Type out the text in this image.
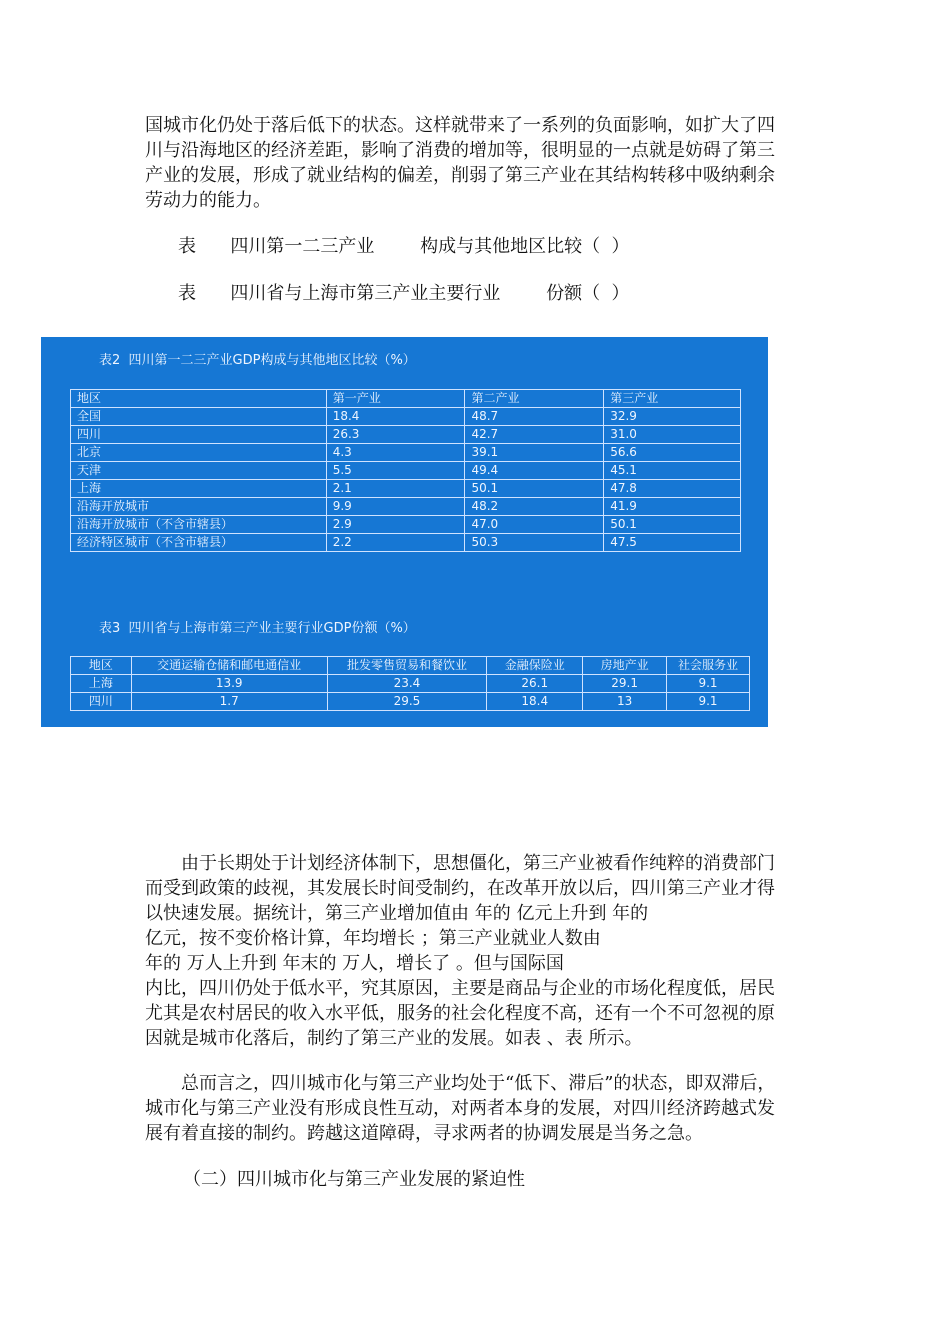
国城市化仍处于落后低下的状态。这样就带来了一系列的负面影响，如扩大了四
川与沿海地区的经济差距，影响了消费的增加等，很明显的一点就是妨碍了第三
产业的发展，形成了就业结构的偏差，削弱了第三产业在其结构转移中吸纳剩余
劳动力的能力。
表      四川第一二三产业        构成与其他地区比较（  ）
表      四川省与上海市第三产业主要行业        份额（  ）
表2  四川第一二三产业GDP构成与其他地区比较（%）
地区	第一产业	第二产业	第三产业
全国	18.4	48.7	32.9
四川	26.3	42.7	31.0
北京	4.3	39.1	56.6
天津	5.5	49.4	45.1
上海	2.1	50.1	47.8
沿海开放城市	9.9	48.2	41.9
沿海开放城市（不含市辖县）	2.9	47.0	50.1
经济特区城市（不含市辖县）	2.2	50.3	47.5
表3  四川省与上海市第三产业主要行业GDP份额（%）
地区	交通运输仓储和邮电通信业	批发零售贸易和餐饮业	金融保险业	房地产业	社会服务业
上海	13.9	23.4	26.1	29.1	9.1
四川	1.7	29.5	18.4	13	9.1
由于长期处于计划经济体制下，思想僵化，第三产业被看作纯粹的消费部门
而受到政策的歧视，其发展长时间受制约，在改革开放以后，四川第三产业才得
以快速发展。据统计，第三产业增加值由 年的 亿元上升到 年的
亿元，按不变价格计算，年均增长 ；第三产业就业人数由
年的 万人上升到 年末的 万人，增长了 。但与国际国
内比，四川仍处于低水平，究其原因，主要是商品与企业的市场化程度低，居民
尤其是农村居民的收入水平低，服务的社会化程度不高，还有一个不可忽视的原
因就是城市化落后，制约了第三产业的发展。如表 、表 所示。
总而言之，四川城市化与第三产业均处于“低下、滞后”的状态，即双滞后，
城市化与第三产业没有形成良性互动，对两者本身的发展，对四川经济跨越式发
展有着直接的制约。跨越这道障碍，寻求两者的协调发展是当务之急。
（二）四川城市化与第三产业发展的紧迫性
